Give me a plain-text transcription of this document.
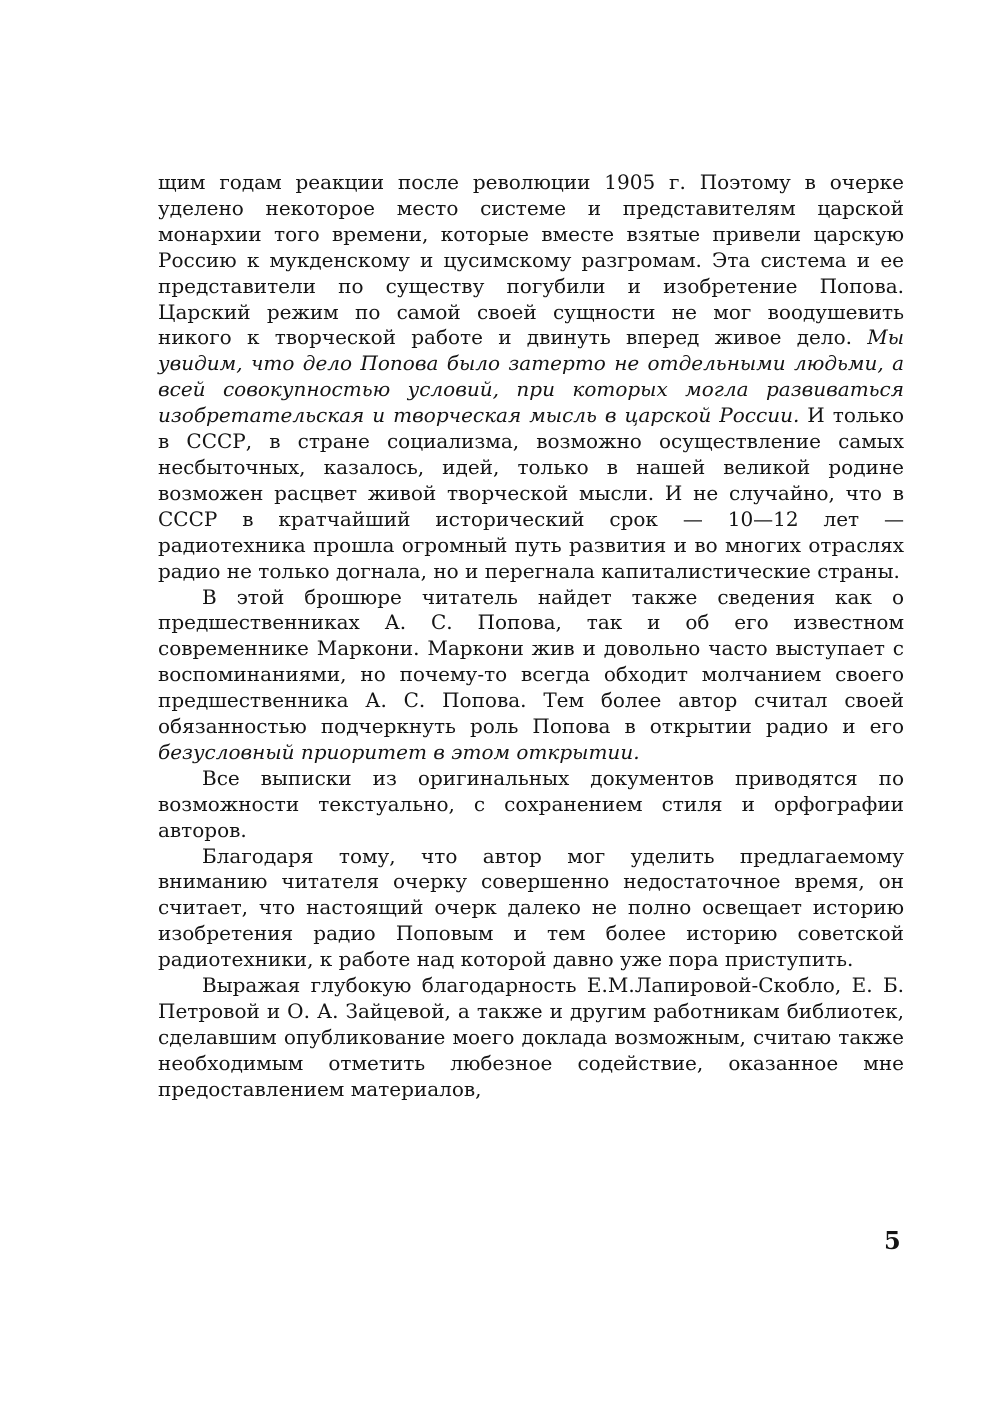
щим годам реакции после революции 1905 г. Поэтому в очерке уделено некоторое место системе и представителям царской монархии того времени, которые вместе взятые привели царскую Россию к мукденскому и цусимскому разгромам. Эта система и ее представители по существу погубили и изобретение Попова. Царский режим по самой своей сущности не мог воодушевить никого к творческой работе и двинуть вперед живое дело. Мы увидим, что дело Попова было затерто не отдельными людьми, а всей совокупностью условий, при которых могла развиваться изобретательская и творческая мысль в царской России. И только в СССР, в стране социализма, возможно осуществление самых несбыточных, казалось, идей, только в нашей великой родине возможен расцвет живой творческой мысли. И не случайно, что в СССР в кратчайший исторический срок — 10—12 лет — радиотехника прошла огромный путь развития и во многих отраслях радио не только догнала, но и перегнала капиталистические страны.

В этой брошюре читатель найдет также сведения как о предшественниках А. С. Попова, так и об его известном современнике Маркони. Маркони жив и довольно часто выступает с воспоминаниями, но почему-то всегда обходит молчанием своего предшественника А. С. Попова. Тем более автор считал своей обязанностью подчеркнуть роль Попова в открытии радио и его безусловный приоритет в этом открытии.

Все выписки из оригинальных документов приводятся по возможности текстуально, с сохранением стиля и орфографии авторов.

Благодаря тому, что автор мог уделить предлагаемому вниманию читателя очерку совершенно недостаточное время, он считает, что настоящий очерк далеко не полно освещает историю изобретения радио Поповым и тем более историю советской радиотехники, к работе над которой давно уже пора приступить.

Выражая глубокую благодарность Е.М.Лапировой-Скобло, Е. Б. Петровой и О. А. Зайцевой, а также и другим работникам библиотек, сделавшим опубликование моего доклада возможным, считаю также необходимым отметить любезное содействие, оказанное мне предоставлением материалов,

5
